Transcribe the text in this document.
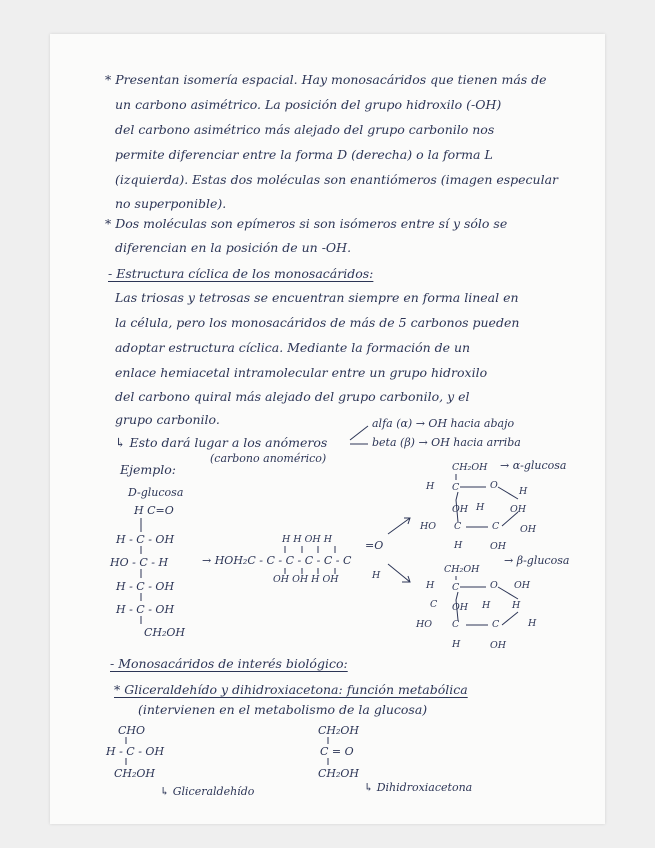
* Presentan isomería espacial. Hay monosacáridos que tienen más de
un carbono asimétrico. La posición del grupo hidroxilo (-OH)
del carbono asimétrico más alejado del grupo carbonilo nos
permite diferenciar entre la forma D (derecha) o la forma L
(izquierda). Estas dos moléculas son enantiómeros (imagen especular
no superponible).
* Dos moléculas son epímeros si son isómeros entre sí y sólo se
diferencian en la posición de un -OH.
- Estructura cíclica de los monosacáridos:
Las triosas y tetrosas se encuentran siempre en forma lineal en
la célula, pero los monosacáridos de más de 5 carbonos pueden
adoptar estructura cíclica. Mediante la formación de un
enlace hemiacetal intramolecular entre un grupo hidroxilo
del carbono quiral más alejado del grupo carbonilo, y el
grupo carbonilo.
↳ Esto dará lugar a los anómeros
(carbono anomérico)
alfa (α) → OH hacia abajo
beta (β) → OH hacia arriba
Ejemplo:
D-glucosa
H C=O
H - C - OH
HO - C - H
H - C - OH
H - C - OH
CH₂OH
H H OH H
→ HOH₂C - C - C - C - C - C
=O
OH OH H OH	H
CH₂OH → α-glucosa
H C	O
H
OH H	OH
HO C	C OH
H	OH
CH₂OH
→ β-glucosa
H C	O OH
C OH H H
HO C	C	H
H	OH
- Monosacáridos de interés biológico:
* Gliceraldehído y dihidroxiacetona: función metabólica
(intervienen en el metabolismo de la glucosa)
CHO
H - C - OH
CH₂OH
↳ Gliceraldehído
CH₂OH
C = O
CH₂OH
↳ Dihidroxiacetona
